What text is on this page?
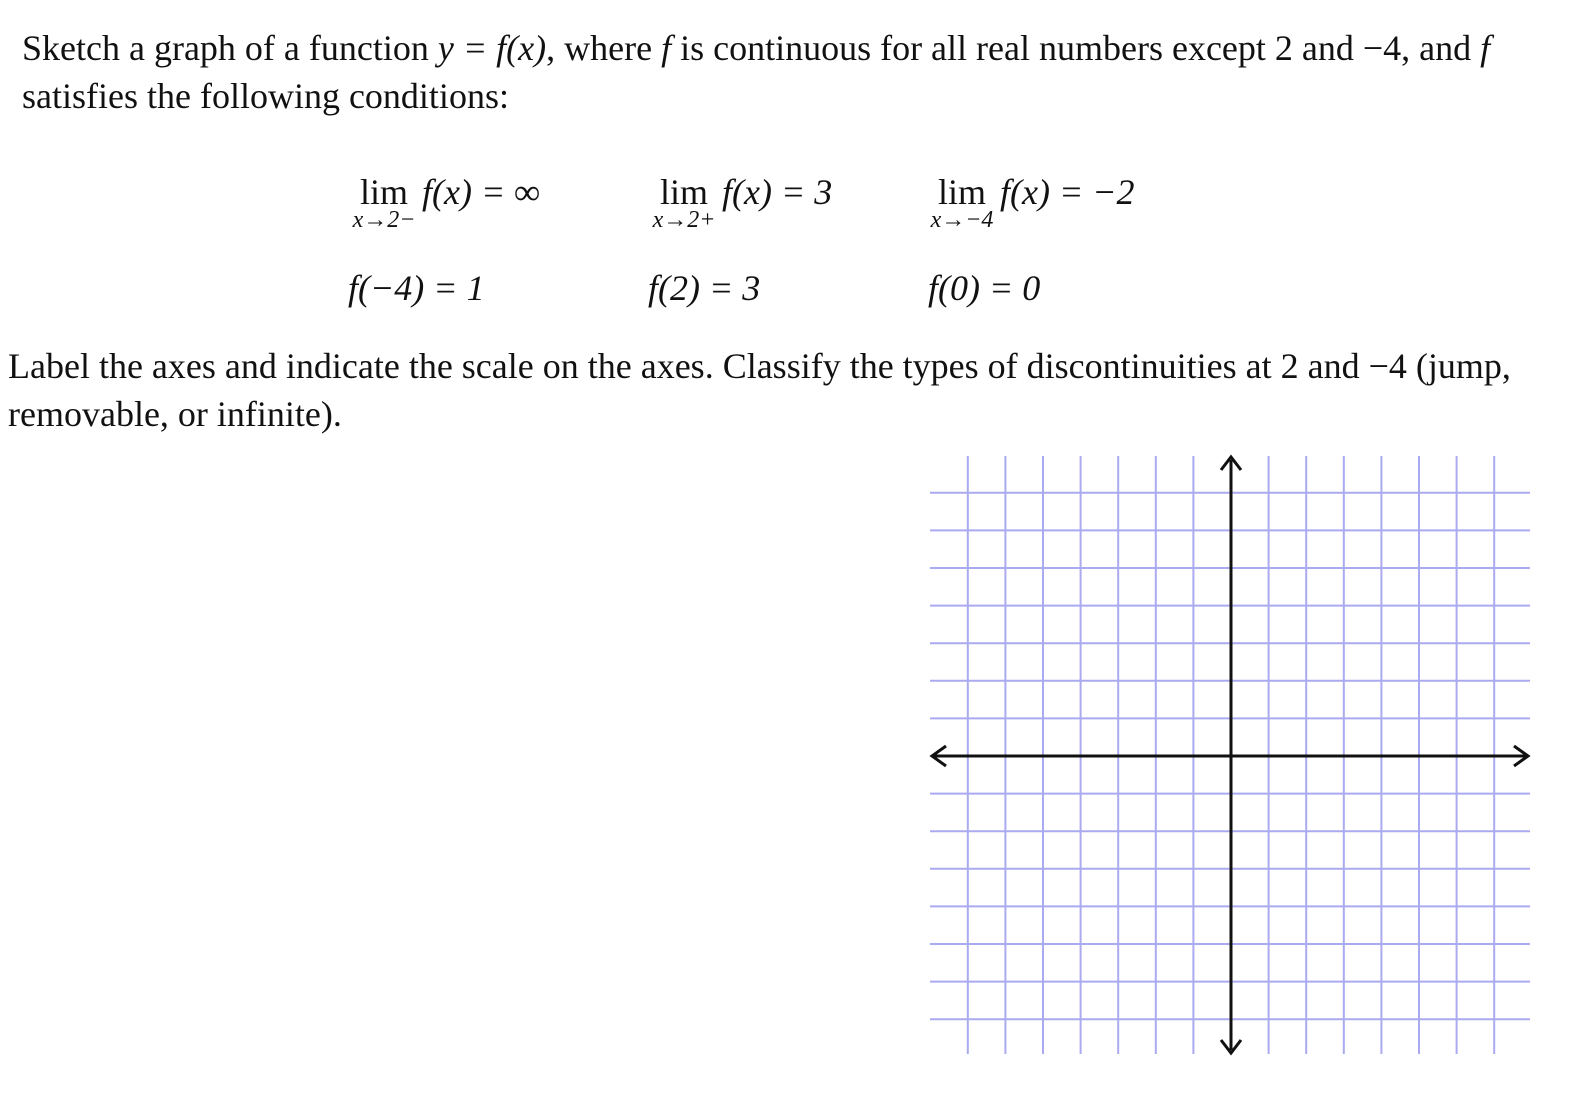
Sketch a graph of a function y = f(x), where f is continuous for all real numbers except 2 and −4, and f satisfies the following conditions:

lim
x→2−
f(x) = ∞	lim
x→2+
f(x) = 3	lim
x→−4
f(x) = −2
f(−4) = 1	f(2) = 3	f(0) = 0

Label the axes and indicate the scale on the axes. Classify the types of discontinuities at 2 and −4 (jump, removable, or infinite).
